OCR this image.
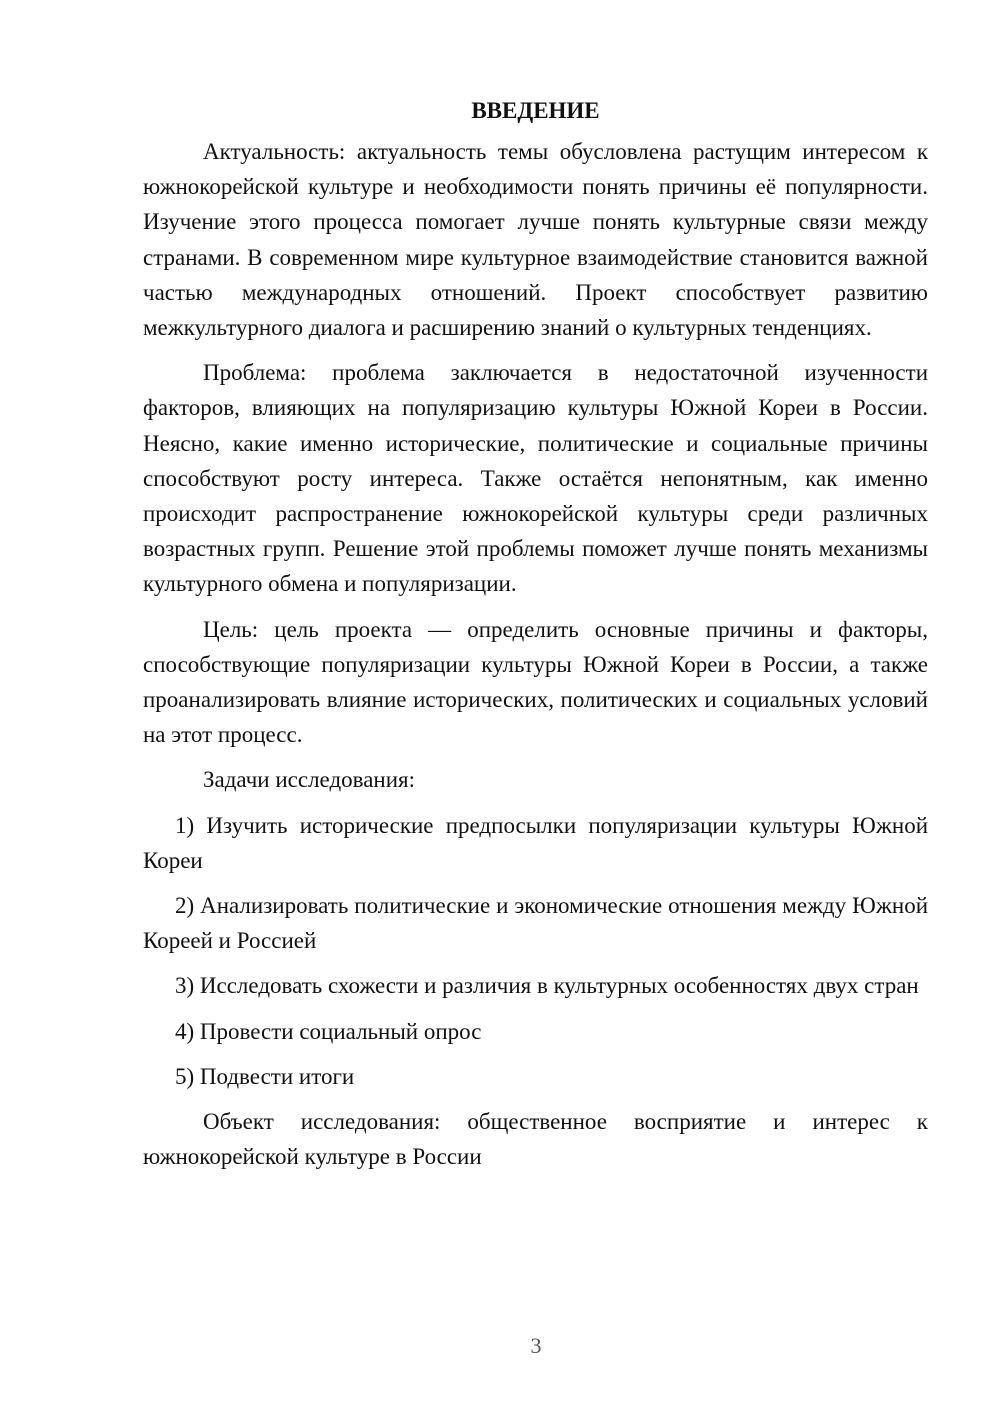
ВВЕДЕНИЕ

Актуальность: актуальность темы обусловлена растущим интересом к южнокорейской культуре и необходимости понять причины её популярности. Изучение этого процесса помогает лучше понять культурные связи между странами. В современном мире культурное взаимодействие становится важной частью международных отношений. Проект способствует развитию межкультурного диалога и расширению знаний о культурных тенденциях.

Проблема: проблема заключается в недостаточной изученности факторов, влияющих на популяризацию культуры Южной Кореи в России. Неясно, какие именно исторические, политические и социальные причины способствуют росту интереса. Также остаётся непонятным, как именно происходит распространение южнокорейской культуры среди различных возрастных групп. Решение этой проблемы поможет лучше понять механизмы культурного обмена и популяризации.

Цель: цель проекта — определить основные причины и факторы, способствующие популяризации культуры Южной Кореи в России, а также проанализировать влияние исторических, политических и социальных условий на этот процесс.

Задачи исследования:

1) Изучить исторические предпосылки популяризации культуры Южной Кореи

2) Анализировать политические и экономические отношения между Южной Кореей и Россией

3) Исследовать схожести и различия в культурных особенностях двух стран

4) Провести социальный опрос

5) Подвести итоги

Объект исследования: общественное восприятие и интерес к южнокорейской культуре в России

3
